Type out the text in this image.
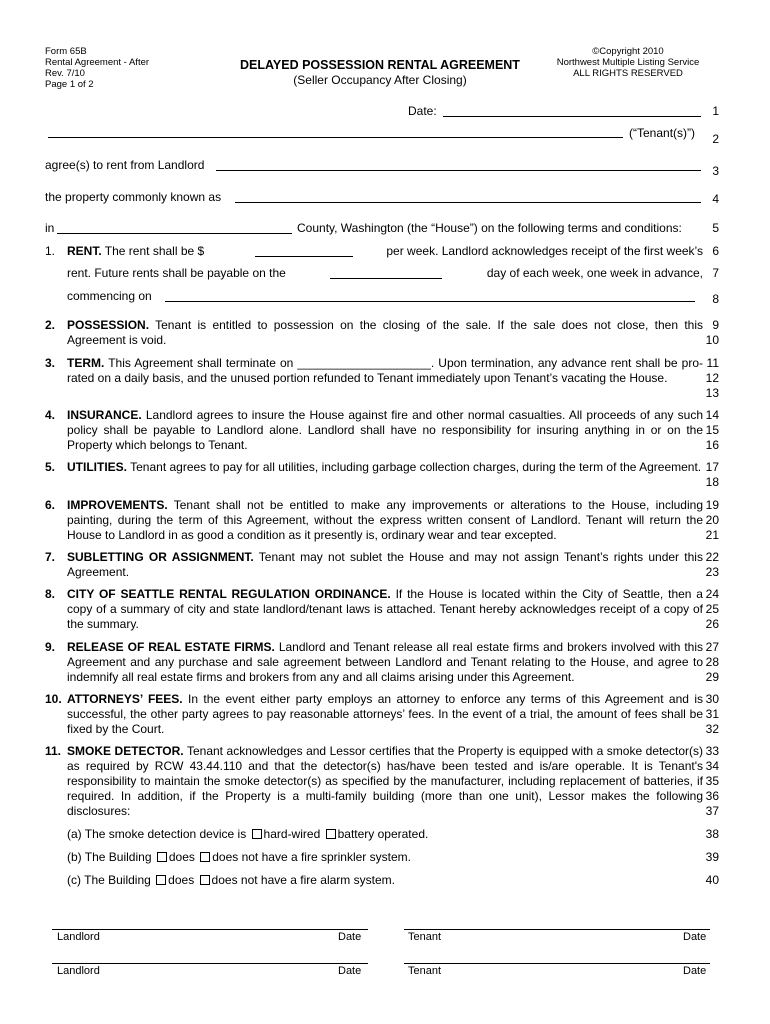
Form 65B
Rental Agreement - After
Rev. 7/10
Page 1 of 2
DELAYED POSSESSION RENTAL AGREEMENT
(Seller Occupancy After Closing)
©Copyright 2010
Northwest Multiple Listing Service
ALL RIGHTS RESERVED
Date:
(“Tenant(s)”)
agree(s) to rent from Landlord
the property commonly known as
in	County, Washington (the “House”) on the following terms and conditions:
1. RENT. The rent shall be $	per week. Landlord acknowledges receipt of the first week’s
rent. Future rents shall be payable on the	day of each week, one week in advance,
commencing on
2. POSSESSION. Tenant is entitled to possession on the closing of the sale. If the sale does not close, then this Agreement is void.
3. TERM. This Agreement shall terminate on ____________________. Upon termination, any advance rent shall be pro-rated on a daily basis, and the unused portion refunded to Tenant immediately upon Tenant’s vacating the House.
4. INSURANCE. Landlord agrees to insure the House against fire and other normal casualties. All proceeds of any such policy shall be payable to Landlord alone. Landlord shall have no responsibility for insuring anything in or on the Property which belongs to Tenant.
5. UTILITIES. Tenant agrees to pay for all utilities, including garbage collection charges, during the term of the Agreement.
6. IMPROVEMENTS. Tenant shall not be entitled to make any improvements or alterations to the House, including painting, during the term of this Agreement, without the express written consent of Landlord. Tenant will return the House to Landlord in as good a condition as it presently is, ordinary wear and tear excepted.
7. SUBLETTING OR ASSIGNMENT. Tenant may not sublet the House and may not assign Tenant’s rights under this Agreement.
8. CITY OF SEATTLE RENTAL REGULATION ORDINANCE. If the House is located within the City of Seattle, then a copy of a summary of city and state landlord/tenant laws is attached. Tenant hereby acknowledges receipt of a copy of the summary.
9. RELEASE OF REAL ESTATE FIRMS. Landlord and Tenant release all real estate firms and brokers involved with this Agreement and any purchase and sale agreement between Landlord and Tenant relating to the House, and agree to indemnify all real estate firms and brokers from any and all claims arising under this Agreement.
10. ATTORNEYS’ FEES. In the event either party employs an attorney to enforce any terms of this Agreement and is successful, the other party agrees to pay reasonable attorneys’ fees. In the event of a trial, the amount of fees shall be fixed by the Court.
11. SMOKE DETECTOR. Tenant acknowledges and Lessor certifies that the Property is equipped with a smoke detector(s) as required by RCW 43.44.110 and that the detector(s) has/have been tested and is/are operable. It is Tenant's responsibility to maintain the smoke detector(s) as specified by the manufacturer, including replacement of batteries, if required. In addition, if the Property is a multi-family building (more than one unit), Lessor makes the following disclosures:
(a) The smoke detection device is hard-wired battery operated.
(b) The Building does does not have a fire sprinkler system.
(c) The Building does does not have a fire alarm system.
1
2
3
4
5
6
7
8
9
10
11
12
13
14
15
16
17
18
19
20
21
22
23
24
25
26
27
28
29
30
31
32
33
34
35
36
37
38
39
40
Landlord	Date	Tenant	Date
Landlord	Date	Tenant	Date
